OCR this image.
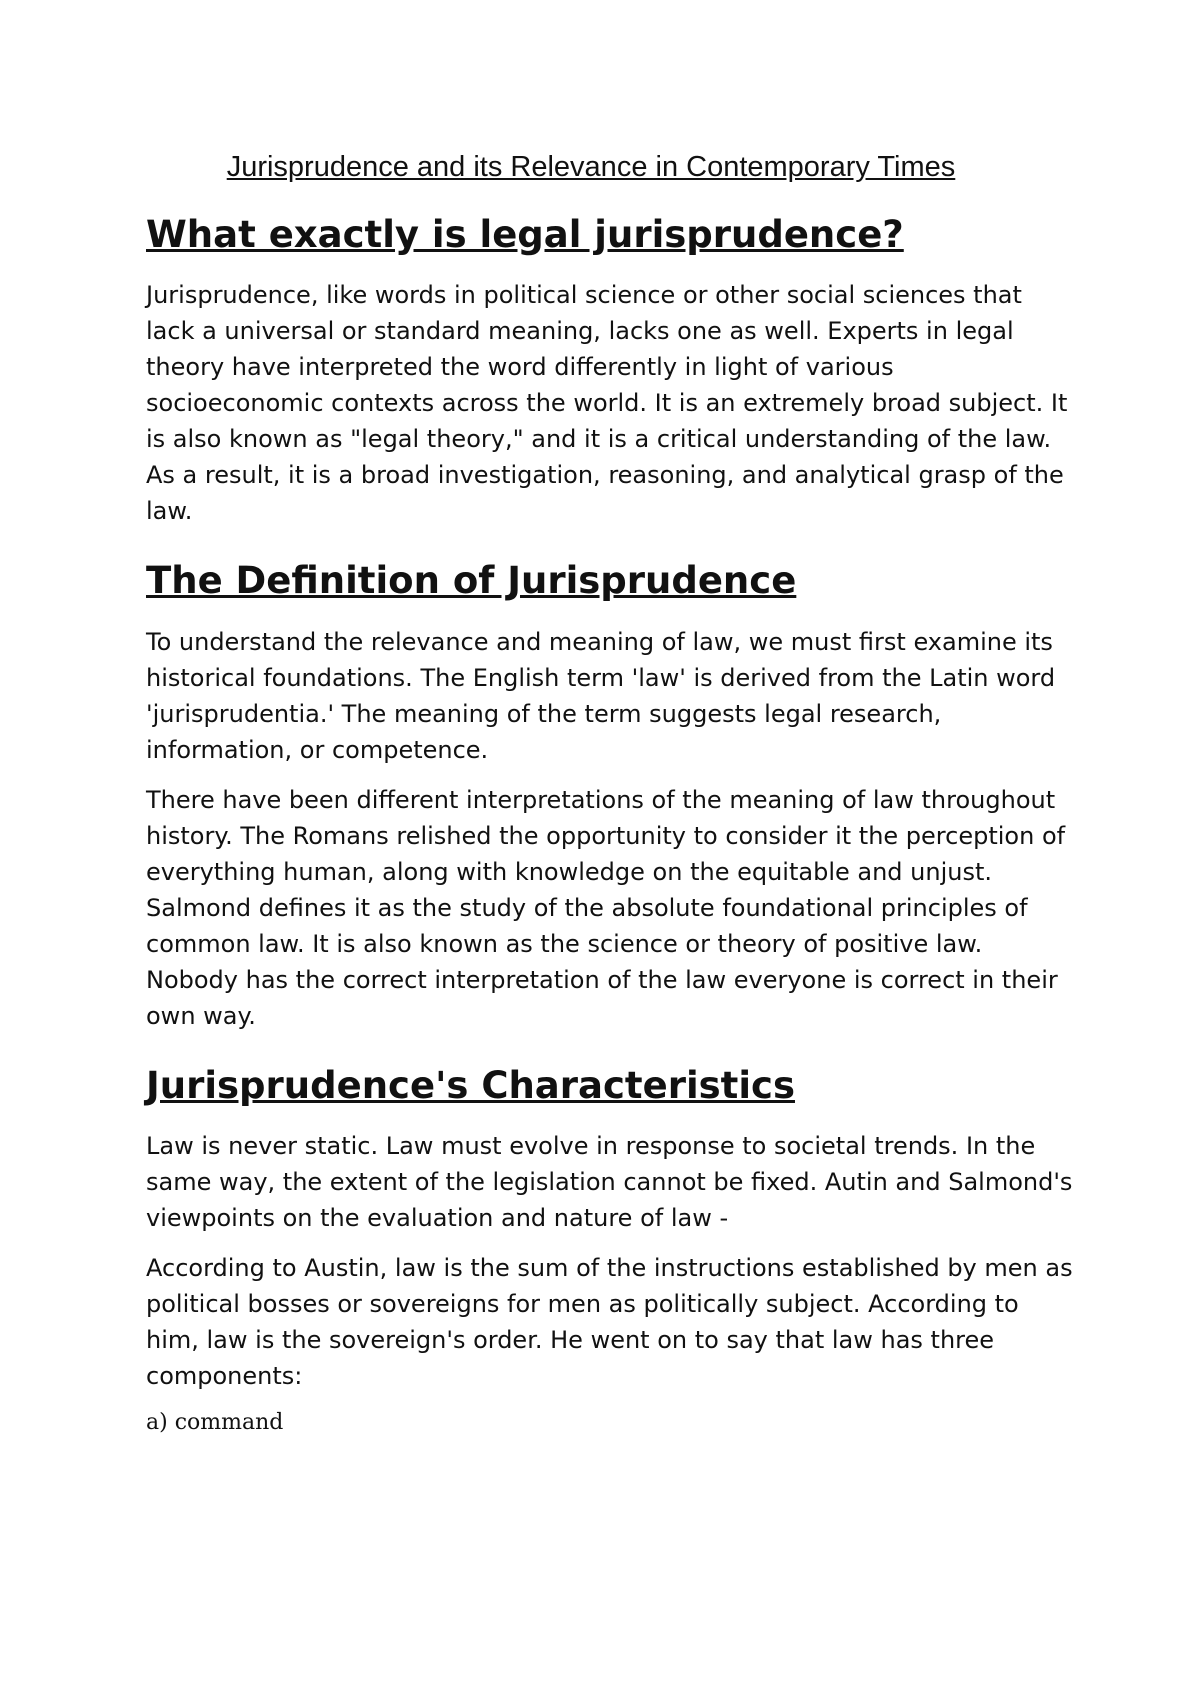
Jurisprudence and its Relevance in Contemporary Times
What exactly is legal jurisprudence?

Jurisprudence, like words in political science or other social sciences that lack a universal or standard meaning, lacks one as well. Experts in legal theory have interpreted the word differently in light of various socioeconomic contexts across the world. It is an extremely broad subject. It is also known as "legal theory," and it is a critical understanding of the law. As a result, it is a broad investigation, reasoning, and analytical grasp of the law.

The Definition of Jurisprudence

To understand the relevance and meaning of law, we must first examine its historical foundations. The English term 'law' is derived from the Latin word 'jurisprudentia.' The meaning of the term suggests legal research, information, or competence.

There have been different interpretations of the meaning of law throughout history. The Romans relished the opportunity to consider it the perception of everything human, along with knowledge on the equitable and unjust. Salmond defines it as the study of the absolute foundational principles of common law. It is also known as the science or theory of positive law. Nobody has the correct interpretation of the law everyone is correct in their own way.

Jurisprudence's Characteristics

Law is never static. Law must evolve in response to societal trends. In the same way, the extent of the legislation cannot be fixed. Autin and Salmond's viewpoints on the evaluation and nature of law -

According to Austin, law is the sum of the instructions established by men as political bosses or sovereigns for men as politically subject. According to him, law is the sovereign's order. He went on to say that law has three components:

a) command
